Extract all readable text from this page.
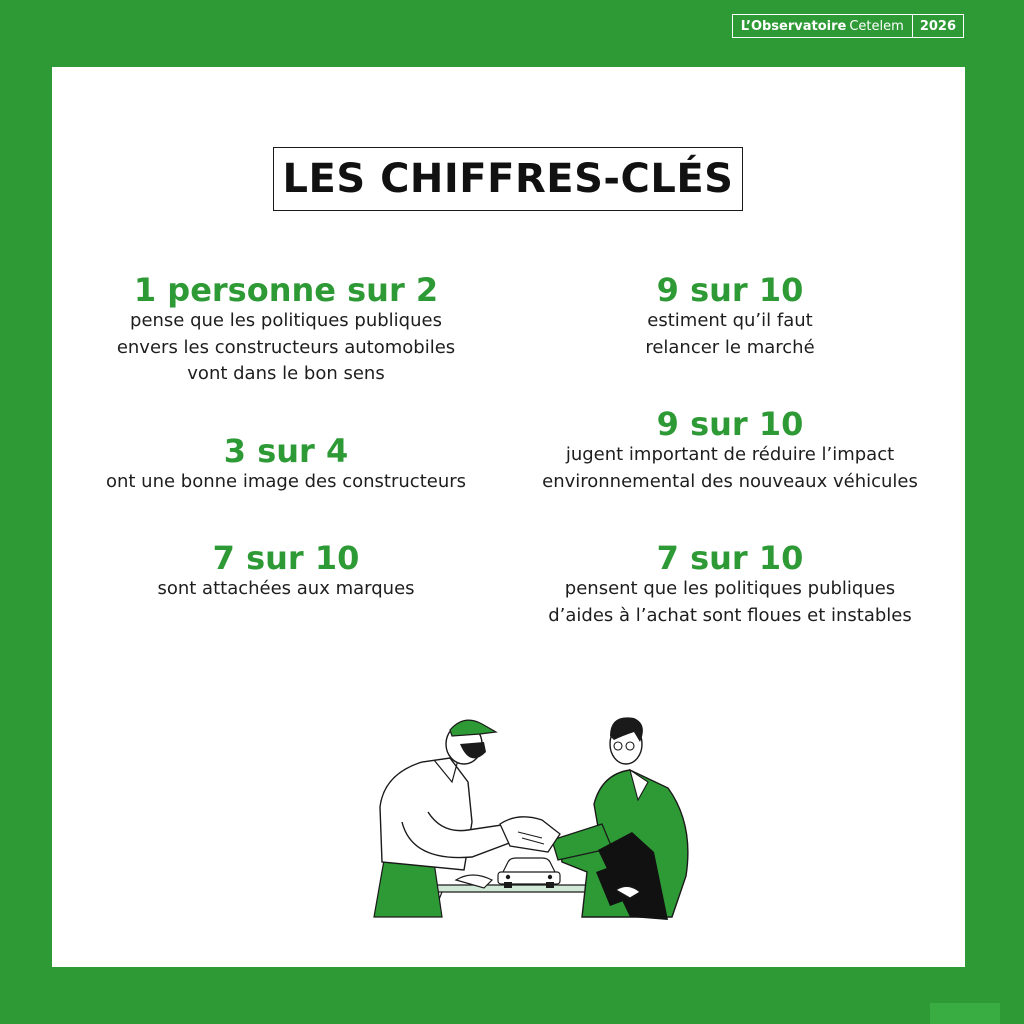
L’Observatoire Cetelem	2026
LES CHIFFRES-CLÉS
1 personne sur 2
pense que les politiques publiques
envers les constructeurs automobiles
vont dans le bon sens
3 sur 4
ont une bonne image des constructeurs
7 sur 10
sont attachées aux marques
9 sur 10
estiment qu’il faut
relancer le marché
9 sur 10
jugent important de réduire l’impact
environnemental des nouveaux véhicules
7 sur 10
pensent que les politiques publiques
d’aides à l’achat sont floues et instables
